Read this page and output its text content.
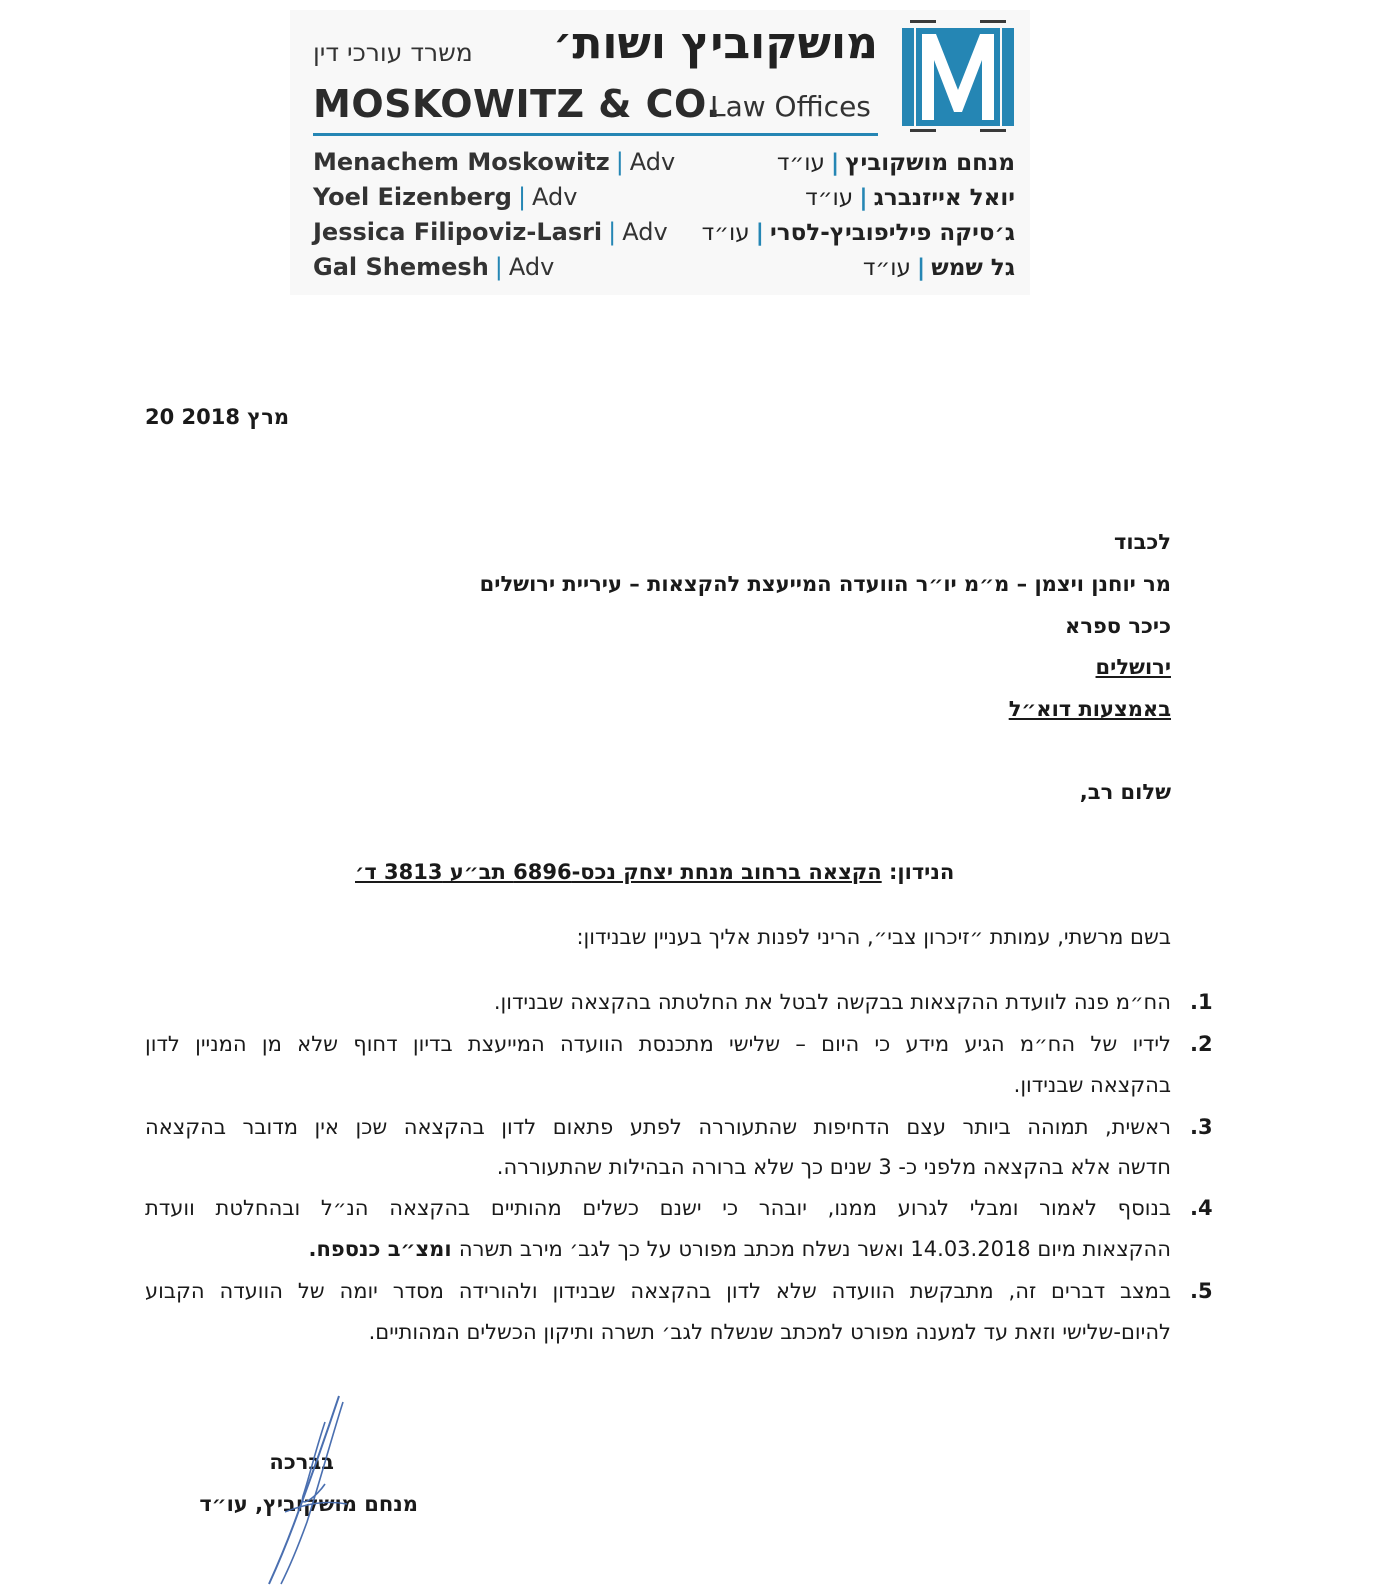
מושקוביץ ושות׳
משרד עורכי דין
MOSKOWITZ & CO.
Law Offices
Menachem Moskowitz | Adv
Yoel Eizenberg | Adv
Jessica Filipoviz-Lasri | Adv
Gal Shemesh | Adv
מנחם מושקוביץ|עו״ד
יואל אייזנברג|עו״ד
ג׳סיקה פיליפוביץ-לסרי|עו״ד
גל שמש|עו״ד
20 מרץ 2018
לכבוד
מר יוחנן ויצמן – מ״מ יו״ר הוועדה המייעצת להקצאות – עיריית ירושלים
כיכר ספרא
ירושלים
באמצעות דוא״ל
שלום רב,
הנידון: הקצאה ברחוב מנחת יצחק נכס-6896 תב״ע 3813 ד׳
בשם מרשתי, עמותת ״זיכרון צבי״, הריני לפנות אליך בעניין שבנידון:
.1
הח״מ פנה לוועדת ההקצאות בבקשה לבטל את החלטתה בהקצאה שבנידון.
.2
לידיו של הח״מ הגיע מידע כי היום – שלישי מתכנסת הוועדה המייעצת בדיון דחוף שלא מן המניין לדון
בהקצאה שבנידון.
.3
ראשית, תמוהה ביותר עצם הדחיפות שהתעוררה לפתע פתאום לדון בהקצאה שכן אין מדובר בהקצאה
חדשה אלא בהקצאה מלפני כ- 3 שנים כך שלא ברורה הבהילות שהתעוררה.
.4
בנוסף לאמור ומבלי לגרוע ממנו, יובהר כי ישנם כשלים מהותיים בהקצאה הנ״ל ובהחלטת וועדת
ההקצאות מיום 14.03.2018 ואשר נשלח מכתב מפורט על כך לגב׳ מירב תשרה ומצ״ב כנספח.
.5
במצב דברים זה, מתבקשת הוועדה שלא לדון בהקצאה שבנידון ולהורידה מסדר יומה של הוועדה הקבוע
להיום-שלישי וזאת עד למענה מפורט למכתב שנשלח לגב׳ תשרה ותיקון הכשלים המהותיים.
בברכה
מנחם מושקוביץ, עו״ד
